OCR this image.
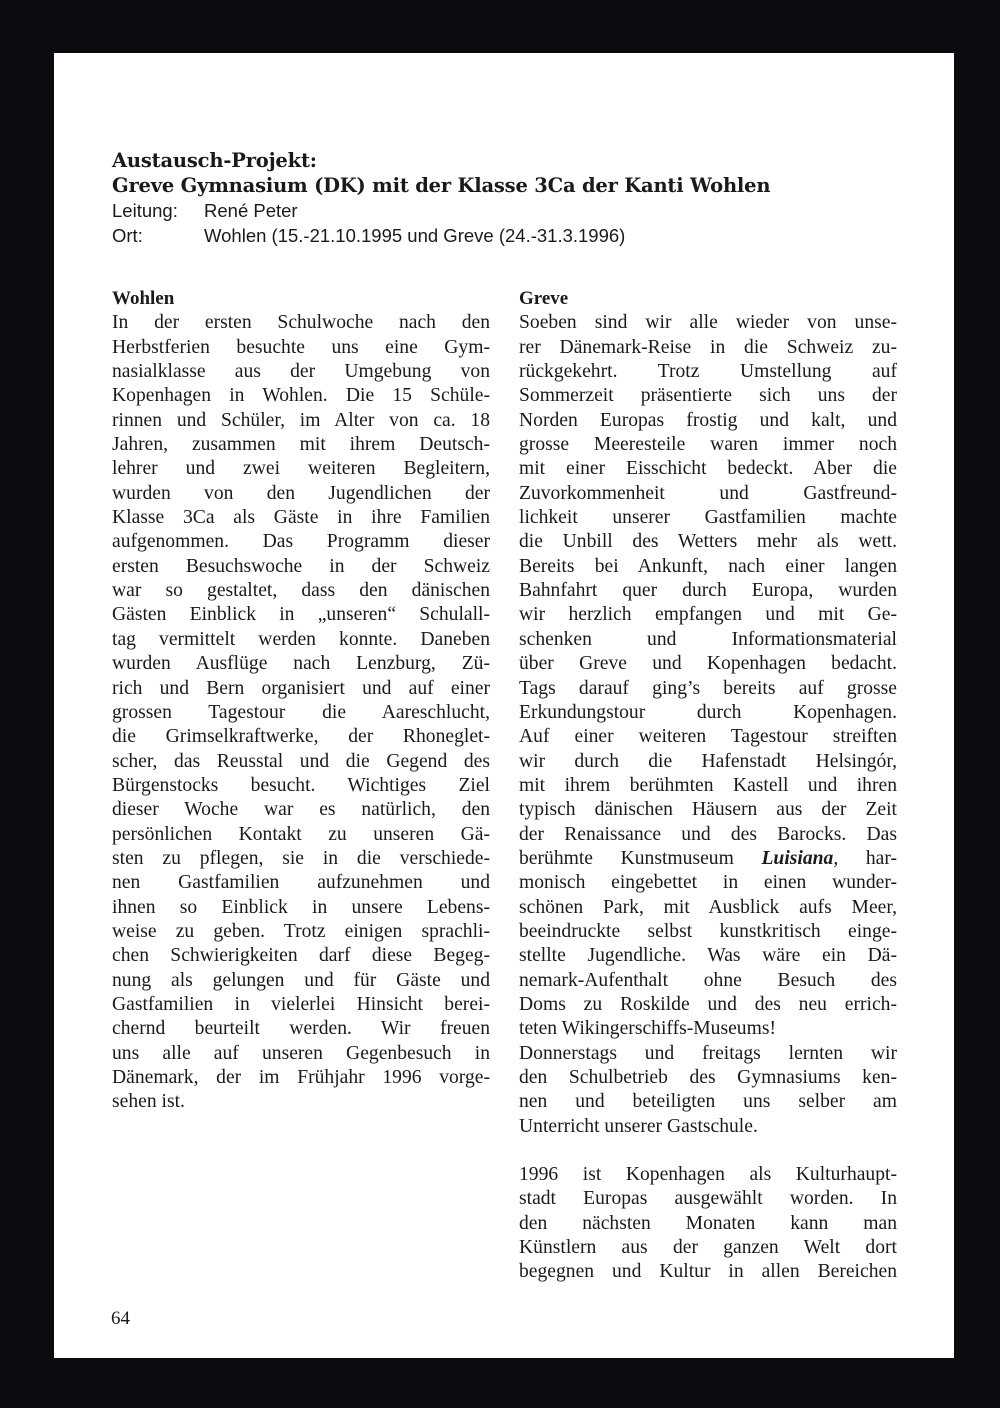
Austausch-Projekt:
Greve Gymnasium (DK) mit der Klasse 3Ca der Kanti Wohlen
Leitung:	René Peter
Ort:	Wohlen (15.-21.10.1995 und Greve (24.-31.3.1996)
Wohlen
In der ersten Schulwoche nach den
Herbstferien besuchte uns eine Gym-
nasialklasse aus der Umgebung von
Kopenhagen in Wohlen. Die 15 Schüle-
rinnen und Schüler, im Alter von ca. 18
Jahren, zusammen mit ihrem Deutsch-
lehrer und zwei weiteren Begleitern,
wurden von den Jugendlichen der
Klasse 3Ca als Gäste in ihre Familien
aufgenommen. Das Programm dieser
ersten Besuchswoche in der Schweiz
war so gestaltet, dass den dänischen
Gästen Einblick in „unseren“ Schulall-
tag vermittelt werden konnte. Daneben
wurden Ausflüge nach Lenzburg, Zü-
rich und Bern organisiert und auf einer
grossen Tagestour die Aareschlucht,
die Grimselkraftwerke, der Rhoneglet-
scher, das Reusstal und die Gegend des
Bürgenstocks besucht. Wichtiges Ziel
dieser Woche war es natürlich, den
persönlichen Kontakt zu unseren Gä-
sten zu pflegen, sie in die verschiede-
nen Gastfamilien aufzunehmen und
ihnen so Einblick in unsere Lebens-
weise zu geben. Trotz einigen sprachli-
chen Schwierigkeiten darf diese Begeg-
nung als gelungen und für Gäste und
Gastfamilien in vielerlei Hinsicht berei-
chernd beurteilt werden. Wir freuen
uns alle auf unseren Gegenbesuch in
Dänemark, der im Frühjahr 1996 vorge-
sehen ist.
Greve
Soeben sind wir alle wieder von unse-
rer Dänemark-Reise in die Schweiz zu-
rückgekehrt. Trotz Umstellung auf
Sommerzeit präsentierte sich uns der
Norden Europas frostig und kalt, und
grosse Meeresteile waren immer noch
mit einer Eisschicht bedeckt. Aber die
Zuvorkommenheit und Gastfreund-
lichkeit unserer Gastfamilien machte
die Unbill des Wetters mehr als wett.
Bereits bei Ankunft, nach einer langen
Bahnfahrt quer durch Europa, wurden
wir herzlich empfangen und mit Ge-
schenken und Informationsmaterial
über Greve und Kopenhagen bedacht.
Tags darauf ging’s bereits auf grosse
Erkundungstour durch Kopenhagen.
Auf einer weiteren Tagestour streiften
wir durch die Hafenstadt Helsingór,
mit ihrem berühmten Kastell und ihren
typisch dänischen Häusern aus der Zeit
der Renaissance und des Barocks. Das
berühmte Kunstmuseum Luisiana, har-
monisch eingebettet in einen wunder-
schönen Park, mit Ausblick aufs Meer,
beeindruckte selbst kunstkritisch einge-
stellte Jugendliche. Was wäre ein Dä-
nemark-Aufenthalt ohne Besuch des
Doms zu Roskilde und des neu errich-
teten Wikingerschiffs-Museums!
Donnerstags und freitags lernten wir
den Schulbetrieb des Gymnasiums ken-
nen und beteiligten uns selber am
Unterricht unserer Gastschule.
1996 ist Kopenhagen als Kulturhaupt-
stadt Europas ausgewählt worden. In
den nächsten Monaten kann man
Künstlern aus der ganzen Welt dort
begegnen und Kultur in allen Bereichen
64
